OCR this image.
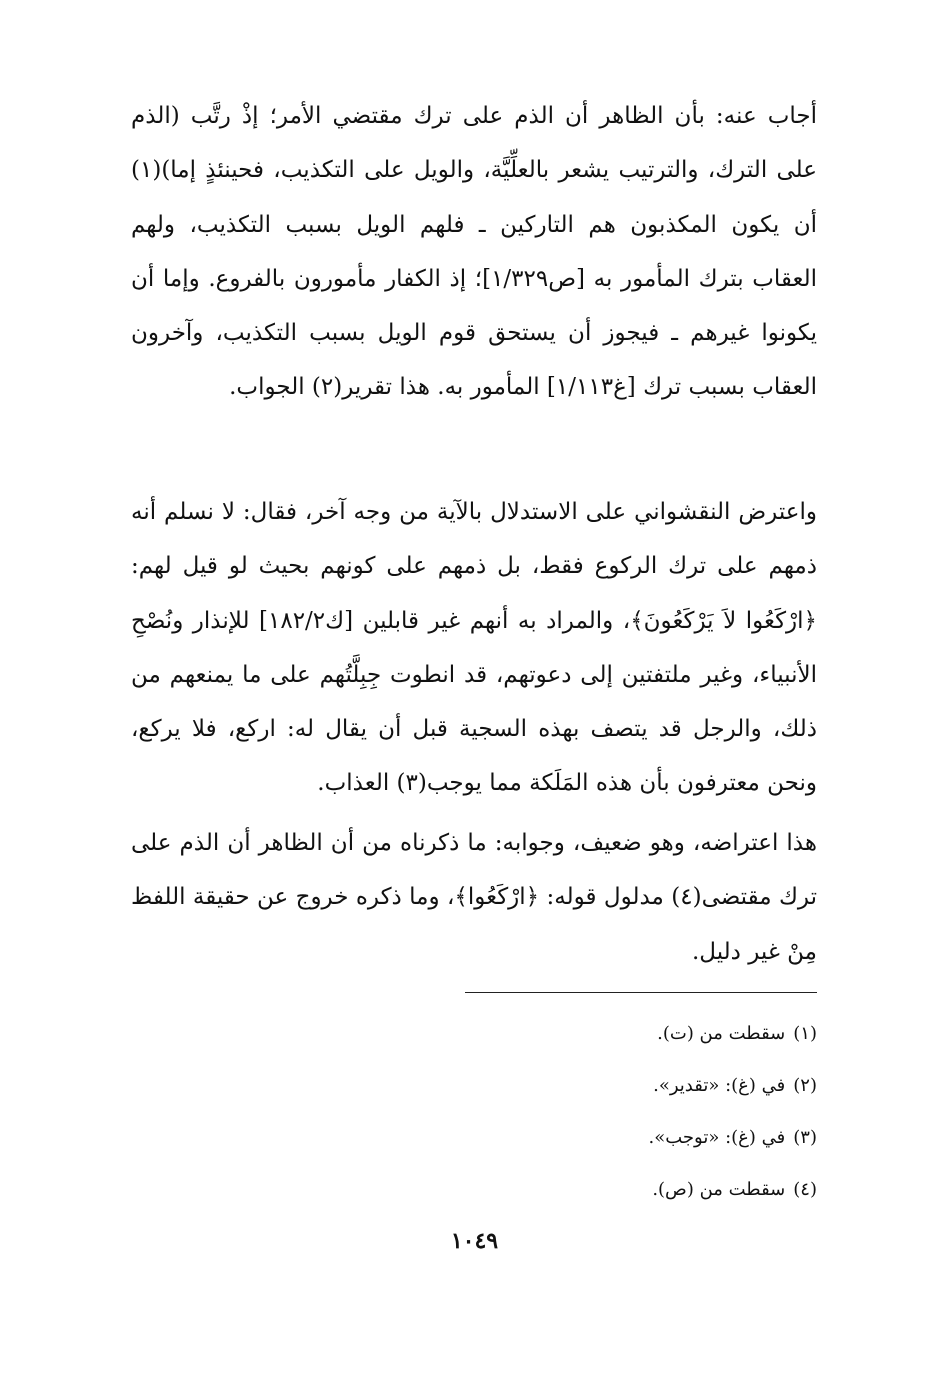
أجاب عنه: بأن الظاهر أن الذم على ترك مقتضي الأمر؛ إذْ رتَّب (الذم على الترك، والترتيب يشعر بالعلِّيَّة، والويل على التكذيب، فحينئذٍ إما)(١) أن يكون المكذبون هم التاركين ـ فلهم الويل بسبب التكذيب، ولهم العقاب بترك المأمور به [ص١/٣٢٩]؛ إذ الكفار مأمورون بالفروع. وإما أن يكونوا غيرهم ـ فيجوز أن يستحق قوم الويل بسبب التكذيب، وآخرون العقاب بسبب ترك [غ١/١١٣] المأمور به. هذا تقرير(٢) الجواب.
واعترض النقشواني على الاستدلال بالآية من وجه آخر، فقال: لا نسلم أنه ذمهم على ترك الركوع فقط، بل ذمهم على كونهم بحيث لو قيل لهم: ﴿ارْكَعُوا لاَ يَرْكَعُونَ﴾، والمراد به أنهم غير قابلين [ك١٨٢/٢] للإنذار ونُصْحِ الأنبياء، وغير ملتفتين إلى دعوتهم، قد انطوت جِبِلَّتُهم على ما يمنعهم من ذلك، والرجل قد يتصف بهذه السجية قبل أن يقال له: اركع، فلا يركع، ونحن معترفون بأن هذه المَلَكة مما يوجب(٣) العذاب.
هذا اعتراضه، وهو ضعيف، وجوابه: ما ذكرناه من أن الظاهر أن الذم على ترك مقتضى(٤) مدلول قوله: ﴿ارْكَعُوا﴾، وما ذكره خروج عن حقيقة اللفظ مِنْ غير دليل.
(١)سقطت من (ت).
(٢)في (غ): «تقدير».
(٣)في (غ): «توجب».
(٤)سقطت من (ص).
١٠٤٩
